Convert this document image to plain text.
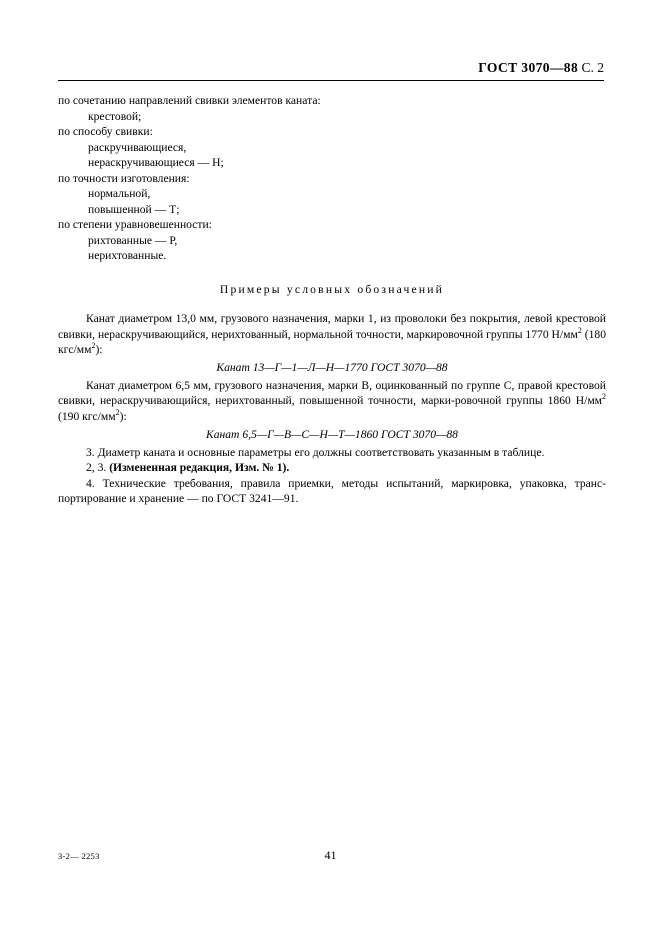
ГОСТ 3070—88 С. 2
по сочетанию направлений свивки элементов каната:
крестовой;
по способу свивки:
раскручивающиеся,
нераскручивающиеся — Н;
по точности изготовления:
нормальной,
повышенной — Т;
по степени уравновешенности:
рихтованные — Р,
нерихтованные.
Примеры условных обозначений

Канат диаметром 13,0 мм, грузового назначения, марки 1, из проволоки без покрытия, левой крестовой свивки, нераскручивающийся, нерихтованный, нормальной точности, маркировочной группы 1770 $Н/мм^2$ (180 кгс/$мм^2$):

Канат 13—Г—1—Л—Н—1770 ГОСТ 3070—88

Канат диаметром 6,5 мм, грузового назначения, марки В, оцинкованный по группе С, правой крестовой свивки, нераскручивающийся, нерихтованный, повышенной точности, марки-ровочной группы 1860 $Н/мм^2$ (190 кгс/$мм^2$):

Канат 6,5—Г—В—С—Н—Т—1860 ГОСТ 3070—88

3. Диаметр каната и основные параметры его должны соответствовать указанным в таблице.

2, 3. (Измененная редакция, Изм. № 1).

4. Технические требования, правила приемки, методы испытаний, маркировка, упаковка, транс-портирование и хранение — по ГОСТ 3241—91.

3-2— 2253	41
